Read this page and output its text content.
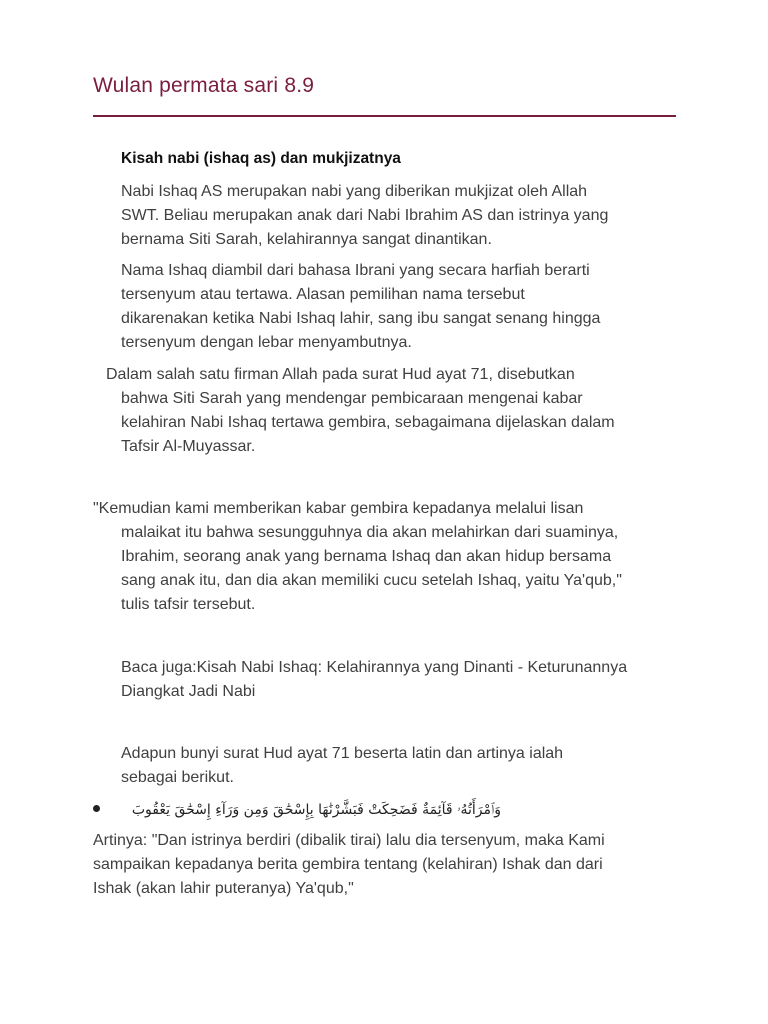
Wulan permata sari 8.9
Kisah nabi (ishaq as) dan mukjizatnya
Nabi Ishaq AS merupakan nabi yang diberikan mukjizat oleh Allah
SWT. Beliau merupakan anak dari Nabi Ibrahim AS dan istrinya yang
bernama Siti Sarah, kelahirannya sangat dinantikan.
Nama Ishaq diambil dari bahasa Ibrani yang secara harfiah berarti
tersenyum atau tertawa. Alasan pemilihan nama tersebut
dikarenakan ketika Nabi Ishaq lahir, sang ibu sangat senang hingga
tersenyum dengan lebar menyambutnya.
Dalam salah satu firman Allah pada surat Hud ayat 71, disebutkan
bahwa Siti Sarah yang mendengar pembicaraan mengenai kabar
kelahiran Nabi Ishaq tertawa gembira, sebagaimana dijelaskan dalam
Tafsir Al-Muyassar.
"Kemudian kami memberikan kabar gembira kepadanya melalui lisan
malaikat itu bahwa sesungguhnya dia akan melahirkan dari suaminya,
Ibrahim, seorang anak yang bernama Ishaq dan akan hidup bersama
sang anak itu, dan dia akan memiliki cucu setelah Ishaq, yaitu Ya'qub,"
tulis tafsir tersebut.
Baca juga:Kisah Nabi Ishaq: Kelahirannya yang Dinanti - Keturunannya
Diangkat Jadi Nabi
Adapun bunyi surat Hud ayat 71 beserta latin dan artinya ialah
sebagai berikut.
وَٱمْرَأَتُهُۥ قَآئِمَةٌ فَضَحِكَتْ فَبَشَّرْنَٰهَا بِإِسْحَٰقَ وَمِن وَرَآءِ إِسْحَٰقَ يَعْقُوبَ
Artinya: "Dan istrinya berdiri (dibalik tirai) lalu dia tersenyum, maka Kami
sampaikan kepadanya berita gembira tentang (kelahiran) Ishak dan dari
Ishak (akan lahir puteranya) Ya'qub,"
